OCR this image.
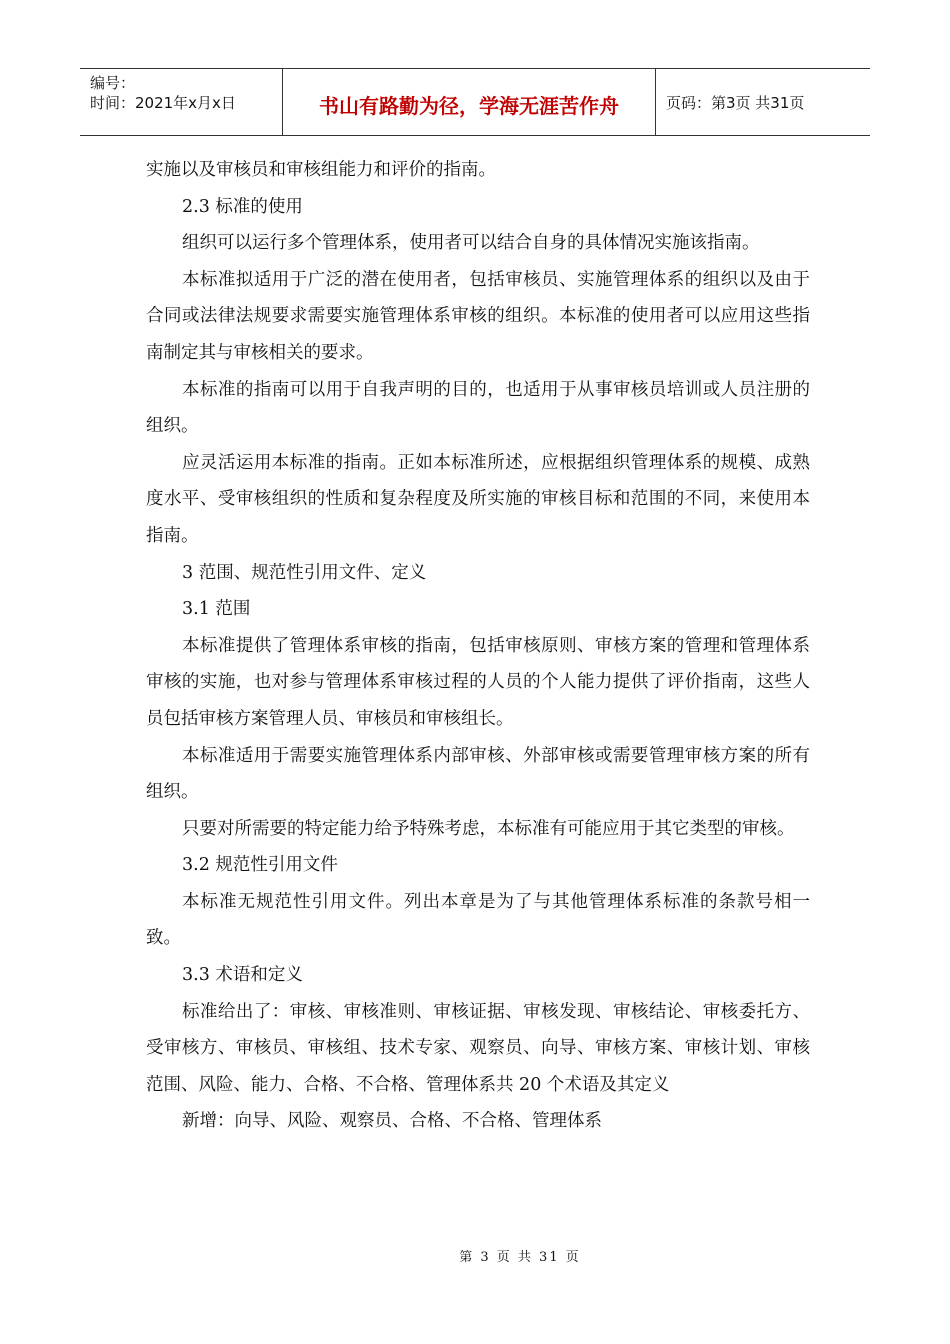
编号：
时间：2021年x月x日	书山有路勤为径，学海无涯苦作舟	页码：第3页 共31页

实施以及审核员和审核组能力和评价的指南。

2.3 标准的使用

组织可以运行多个管理体系，使用者可以结合自身的具体情况实施该指南。

本标准拟适用于广泛的潜在使用者，包括审核员、实施管理体系的组织以及由于合同或法律法规要求需要实施管理体系审核的组织。本标准的使用者可以应用这些指南制定其与审核相关的要求。

本标准的指南可以用于自我声明的目的，也适用于从事审核员培训或人员注册的组织。

应灵活运用本标准的指南。正如本标准所述，应根据组织管理体系的规模、成熟度水平、受审核组织的性质和复杂程度及所实施的审核目标和范围的不同，来使用本指南。

3 范围、规范性引用文件、定义

3.1 范围

本标准提供了管理体系审核的指南，包括审核原则、审核方案的管理和管理体系审核的实施，也对参与管理体系审核过程的人员的个人能力提供了评价指南，这些人员包括审核方案管理人员、审核员和审核组长。

本标准适用于需要实施管理体系内部审核、外部审核或需要管理审核方案的所有组织。

只要对所需要的特定能力给予特殊考虑，本标准有可能应用于其它类型的审核。

3.2 规范性引用文件

本标准无规范性引用文件。列出本章是为了与其他管理体系标准的条款号相一致。

3.3 术语和定义

标准给出了：审核、审核准则、审核证据、审核发现、审核结论、审核委托方、受审核方、审核员、审核组、技术专家、观察员、向导、审核方案、审核计划、审核范围、风险、能力、合格、不合格、管理体系共 20 个术语及其定义

新增：向导、风险、观察员、合格、不合格、管理体系

第 3 页 共 31 页
